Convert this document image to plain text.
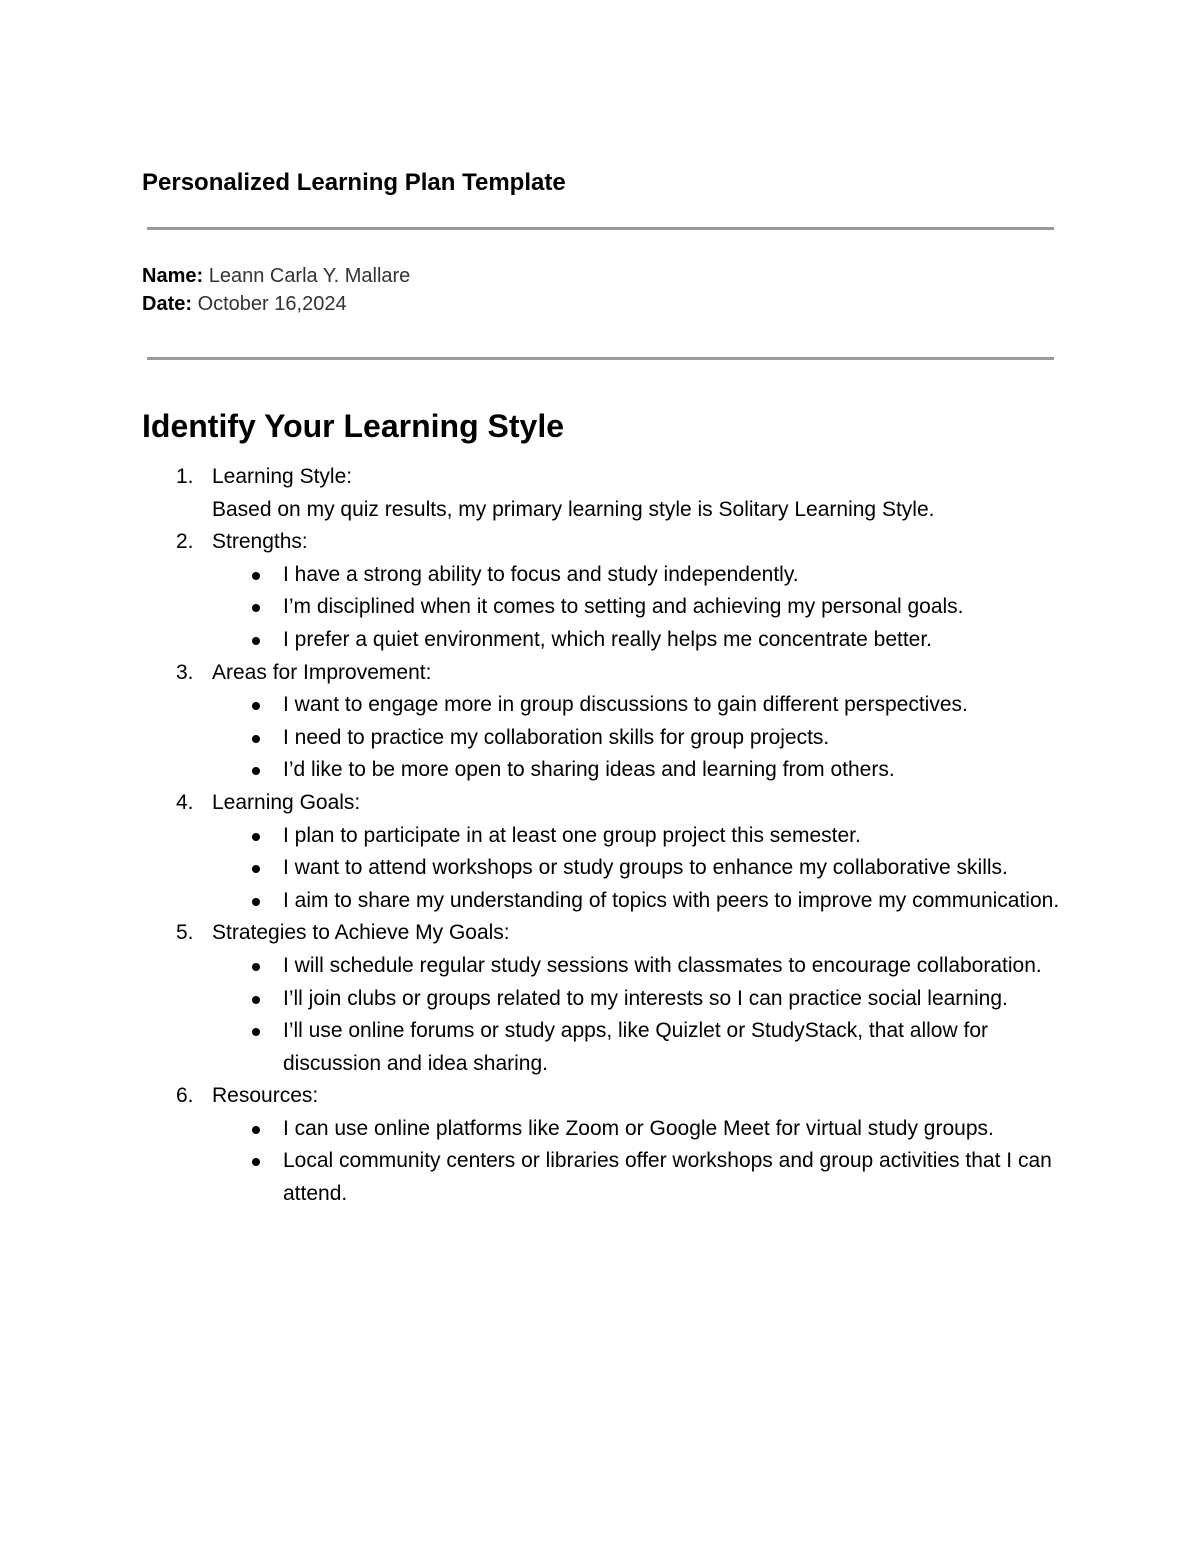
Personalized Learning Plan Template
Name: Leann Carla Y. Mallare
Date: October 16,2024
Identify Your Learning Style
1. Learning Style:
Based on my quiz results, my primary learning style is Solitary Learning Style.
2. Strengths:
I have a strong ability to focus and study independently.
I’m disciplined when it comes to setting and achieving my personal goals.
I prefer a quiet environment, which really helps me concentrate better.
3. Areas for Improvement:
I want to engage more in group discussions to gain different perspectives.
I need to practice my collaboration skills for group projects.
I’d like to be more open to sharing ideas and learning from others.
4. Learning Goals:
I plan to participate in at least one group project this semester.
I want to attend workshops or study groups to enhance my collaborative skills.
I aim to share my understanding of topics with peers to improve my communication.
5. Strategies to Achieve My Goals:
I will schedule regular study sessions with classmates to encourage collaboration.
I’ll join clubs or groups related to my interests so I can practice social learning.
I’ll use online forums or study apps, like Quizlet or StudyStack, that allow for discussion and idea sharing.
6. Resources:
I can use online platforms like Zoom or Google Meet for virtual study groups.
Local community centers or libraries offer workshops and group activities that I can attend.
